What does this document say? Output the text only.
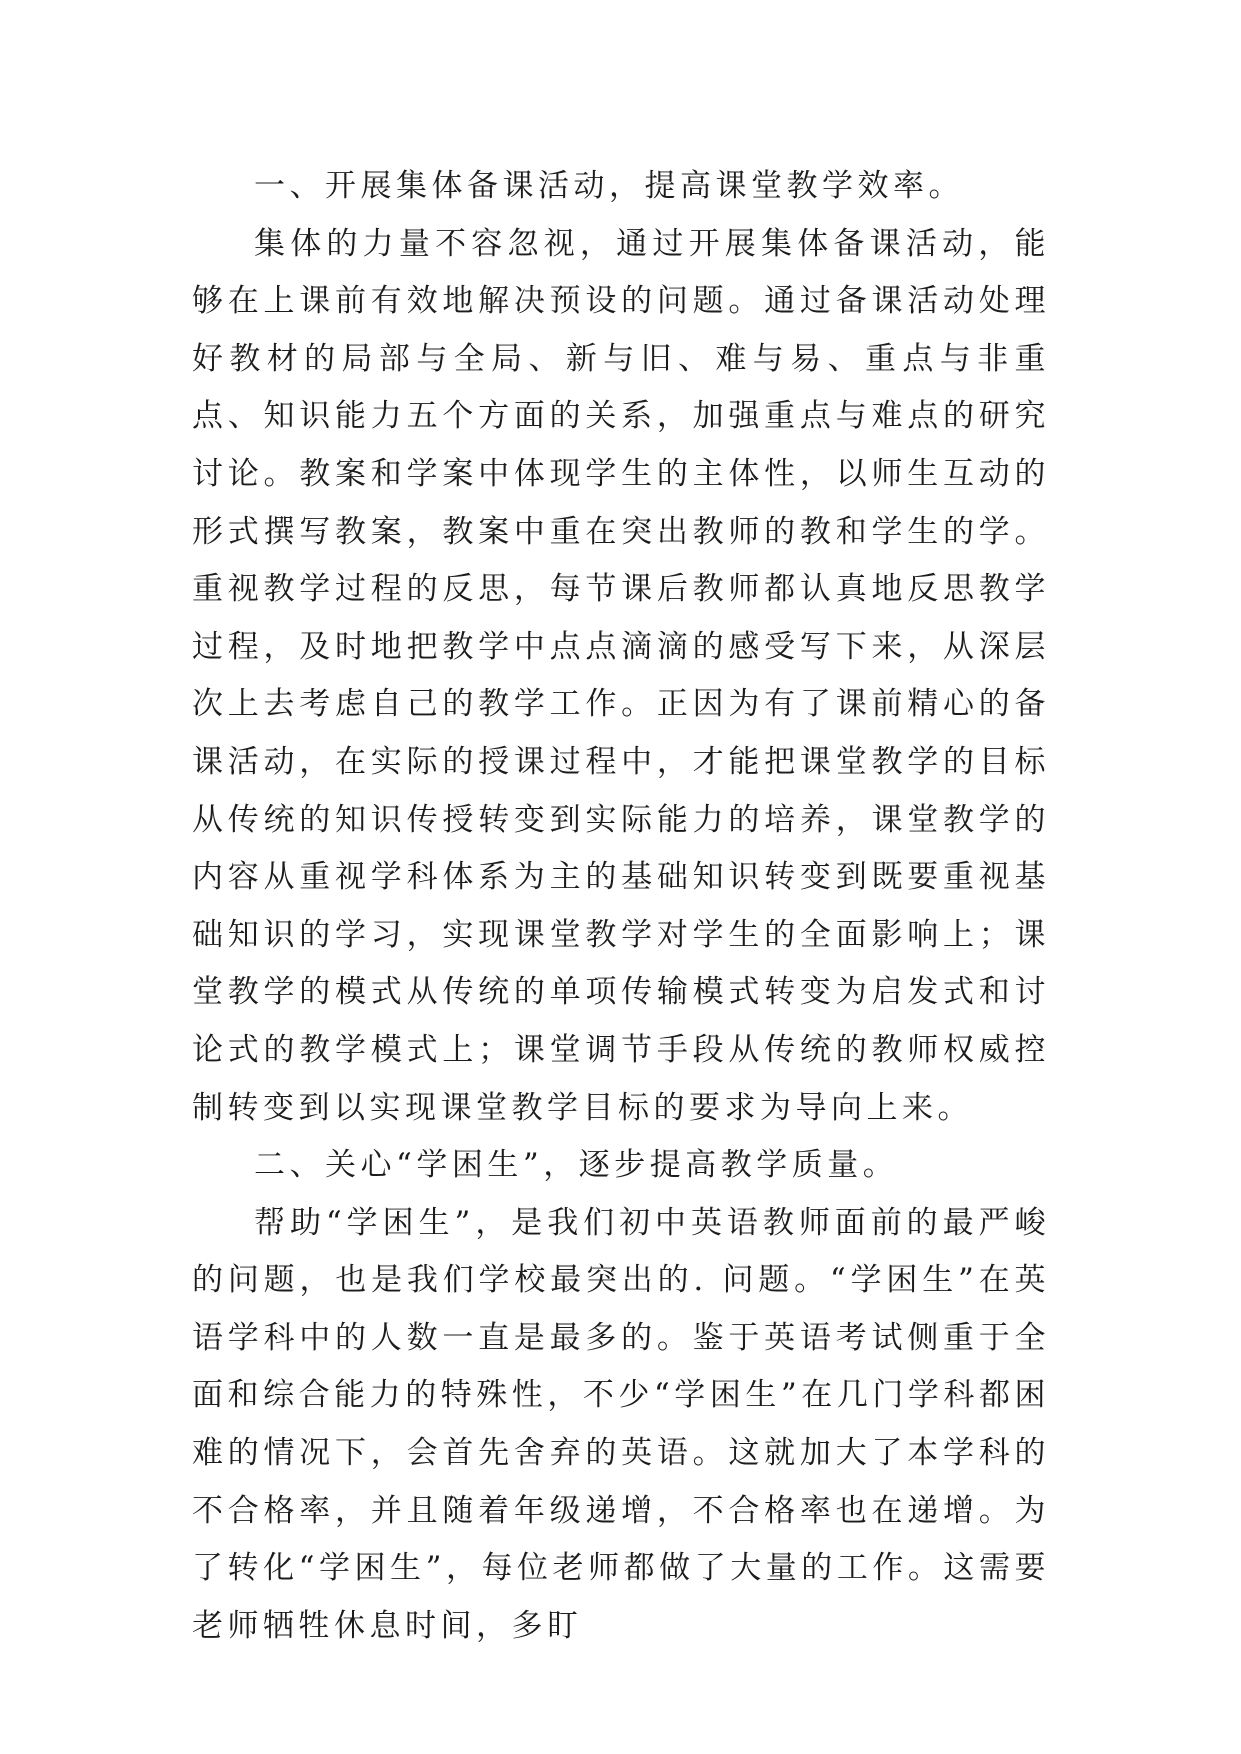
一、开展集体备课活动，提高课堂教学效率。

集体的力量不容忽视，通过开展集体备课活动，能够在上课前有效地解决预设的问题。通过备课活动处理好教材的局部与全局、新与旧、难与易、重点与非重点、知识能力五个方面的关系，加强重点与难点的研究讨论。教案和学案中体现学生的主体性，以师生互动的形式撰写教案，教案中重在突出教师的教和学生的学。重视教学过程的反思，每节课后教师都认真地反思教学过程，及时地把教学中点点滴滴的感受写下来，从深层次上去考虑自己的教学工作。正因为有了课前精心的备课活动，在实际的授课过程中，才能把课堂教学的目标从传统的知识传授转变到实际能力的培养，课堂教学的内容从重视学科体系为主的基础知识转变到既要重视基础知识的学习，实现课堂教学对学生的全面影响上；课堂教学的模式从传统的单项传输模式转变为启发式和讨论式的教学模式上；课堂调节手段从传统的教师权威控制转变到以实现课堂教学目标的要求为导向上来。

二、关心“学困生”，逐步提高教学质量。

帮助“学困生”，是我们初中英语教师面前的最严峻的问题，也是我们学校最突出的. 问题。“学困生”在英语学科中的人数一直是最多的。鉴于英语考试侧重于全面和综合能力的特殊性，不少“学困生”在几门学科都困难的情况下，会首先舍弃的英语。这就加大了本学科的不合格率，并且随着年级递增，不合格率也在递增。为了转化“学困生”，每位老师都做了大量的工作。这需要老师牺牲休息时间，多盯
